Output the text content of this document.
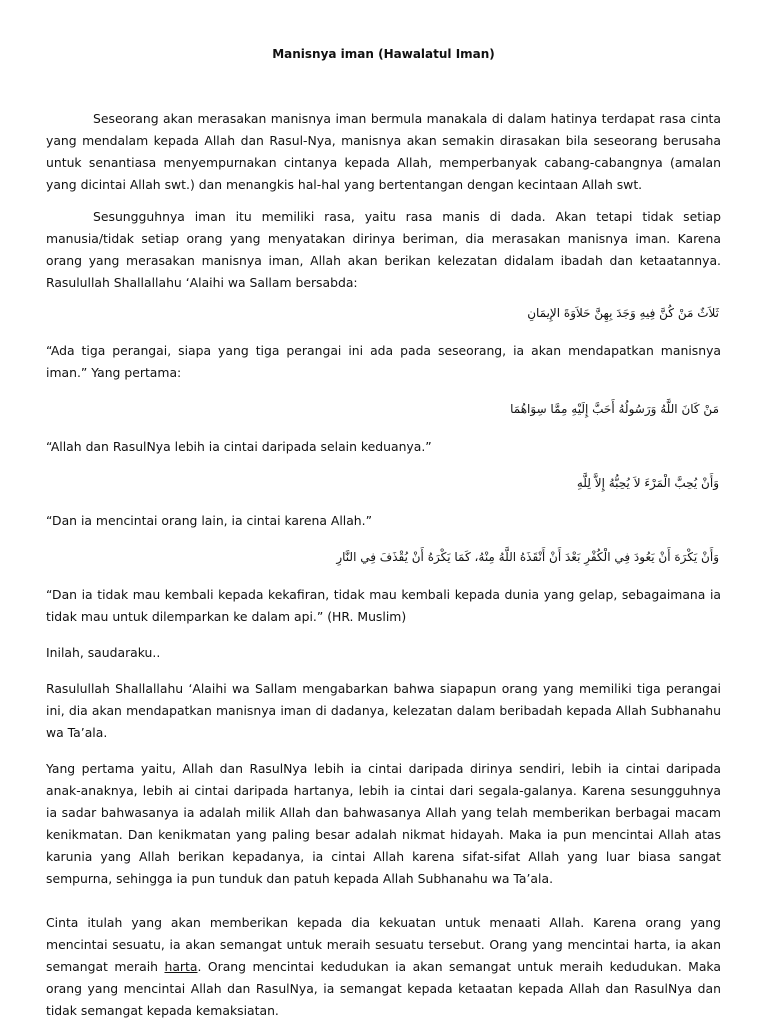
Manisnya iman (Hawalatul Iman)

Seseorang akan merasakan manisnya iman bermula manakala di dalam hatinya terdapat rasa cinta yang mendalam kepada Allah dan Rasul-Nya, manisnya akan semakin dirasakan bila seseorang berusaha untuk senantiasa menyempurnakan cintanya kepada Allah, memperbanyak cabang-cabangnya (amalan yang dicintai Allah swt.) dan menangkis hal-hal yang bertentangan dengan kecintaan Allah swt.

Sesungguhnya iman itu memiliki rasa, yaitu rasa manis di dada. Akan tetapi tidak setiap manusia/tidak setiap orang yang menyatakan dirinya beriman, dia merasakan manisnya iman. Karena orang yang merasakan manisnya iman, Allah akan berikan kelezatan didalam ibadah dan ketaatannya. Rasulullah Shallallahu ‘Alaihi wa Sallam bersabda:

ثَلاَثٌ مَنْ كُنَّ فِيهِ وَجَدَ بِهِنَّ حَلاَوَةَ الإِيمَانِ

“Ada tiga perangai, siapa yang tiga perangai ini ada pada seseorang, ia akan mendapatkan manisnya iman.” Yang pertama:

مَنْ كَانَ اللَّهُ وَرَسُولُهُ أَحَبَّ إِلَيْهِ مِمَّا سِوَاهُمَا

“Allah dan RasulNya lebih ia cintai daripada selain keduanya.”

وَأَنْ يُحِبَّ الْمَرْءَ لاَ يُحِبُّهُ إِلاَّ لِلَّهِ

“Dan ia mencintai orang lain, ia cintai karena Allah.”

وَأَنْ يَكْرَهَ أَنْ يَعُودَ فِي الْكُفْرِ بَعْدَ أَنْ أَنْقَذَهُ اللَّهُ مِنْهُ، كَمَا يَكْرَهُ أَنْ يُقْذَفَ فِي النَّارِ

“Dan ia tidak mau kembali kepada kekafiran, tidak mau kembali kepada dunia yang gelap, sebagaimana ia tidak mau untuk dilemparkan ke dalam api.” (HR. Muslim)

Inilah, saudaraku..

Rasulullah Shallallahu ‘Alaihi wa Sallam mengabarkan bahwa siapapun orang yang memiliki tiga perangai ini, dia akan mendapatkan manisnya iman di dadanya, kelezatan dalam beribadah kepada Allah Subhanahu wa Ta’ala.

Yang pertama yaitu, Allah dan RasulNya lebih ia cintai daripada dirinya sendiri, lebih ia cintai daripada anak-anaknya, lebih ai cintai daripada hartanya, lebih ia cintai dari segala-galanya. Karena sesungguhnya ia sadar bahwasanya ia adalah milik Allah dan bahwasanya Allah yang telah memberikan berbagai macam kenikmatan. Dan kenikmatan yang paling besar adalah nikmat hidayah. Maka ia pun mencintai Allah atas karunia yang Allah berikan kepadanya, ia cintai Allah karena sifat-sifat Allah yang luar biasa sangat sempurna, sehingga ia pun tunduk dan patuh kepada Allah Subhanahu wa Ta’ala.

Cinta itulah yang akan memberikan kepada dia kekuatan untuk menaati Allah. Karena orang yang mencintai sesuatu, ia akan semangat untuk meraih sesuatu tersebut. Orang yang mencintai harta, ia akan semangat meraih harta. Orang mencintai kedudukan ia akan semangat untuk meraih kedudukan. Maka orang yang mencintai Allah dan RasulNya, ia semangat kepada ketaatan kepada Allah dan RasulNya dan tidak semangat kepada kemaksiatan.
